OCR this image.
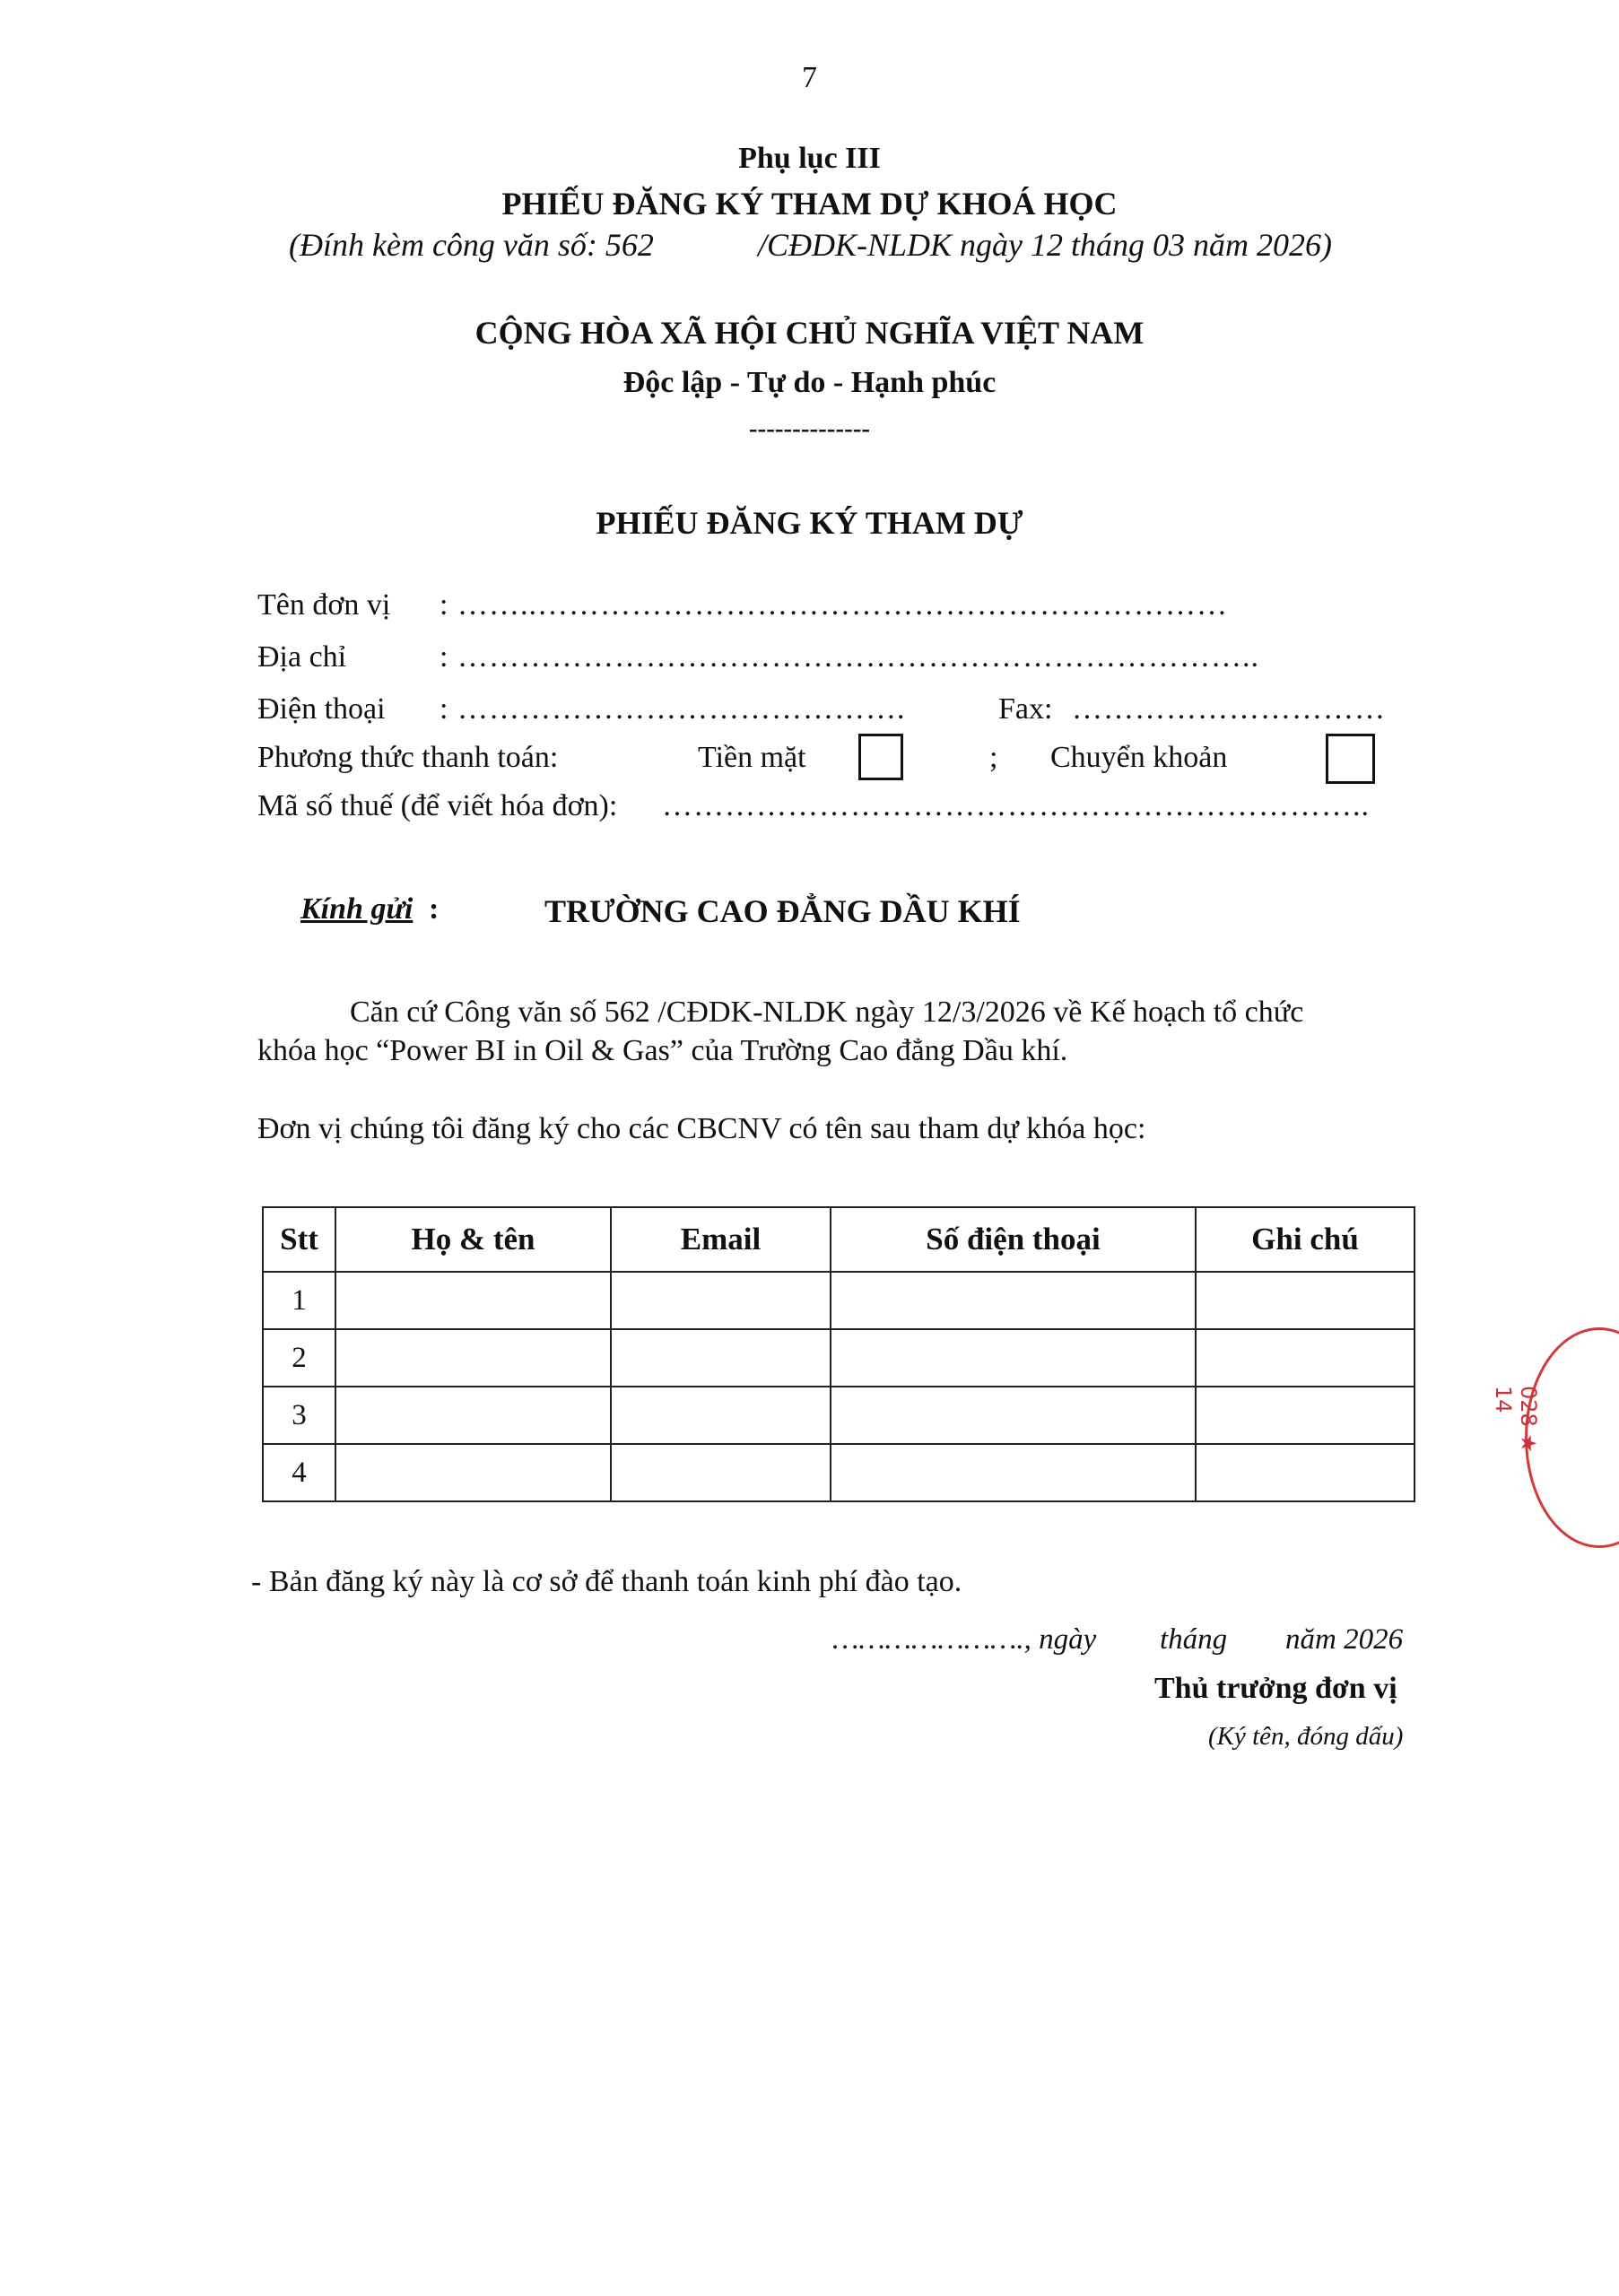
7
Phụ lục III
PHIẾU ĐĂNG KÝ THAM DỰ KHOÁ HỌC
(Đính kèm công văn số: 562	/CĐDK-NLDK ngày 12 tháng 03 năm 2026)
CỘNG HÒA XÃ HỘI CHỦ NGHĨA VIỆT NAM
Độc lập - Tự do - Hạnh phúc
--------------
PHIẾU ĐĂNG KÝ THAM DỰ
Tên đơn vị : ……..…………………………………………………………
Địa chỉ	: …………………………………………………………………..
Điện thoại : …………………………………….	Fax: …………………………
Phương thức thanh toán:	Tiền mặt	; Chuyển khoản
Mã số thuế (để viết hóa đơn): …………………………………………………………..
Kính gửi :	TRƯỜNG CAO ĐẲNG DẦU KHÍ
Căn cứ Công văn số 562 /CĐDK-NLDK ngày 12/3/2026 về Kế hoạch tổ chức
khóa học “Power BI in Oil & Gas” của Trường Cao đẳng Dầu khí.
Đơn vị chúng tôi đăng ký cho các CBCNV có tên sau tham dự khóa học:
Stt	Họ & tên	Email	Số điện thoại	Ghi chú
1				
2				
3				
4				
- Bản đăng ký này là cơ sở để thanh toán kinh phí đào tạo.
…………………., ngày tháng năm 2026
Thủ trưởng đơn vị
(Ký tên, đóng dấu)
028 ★ 14
